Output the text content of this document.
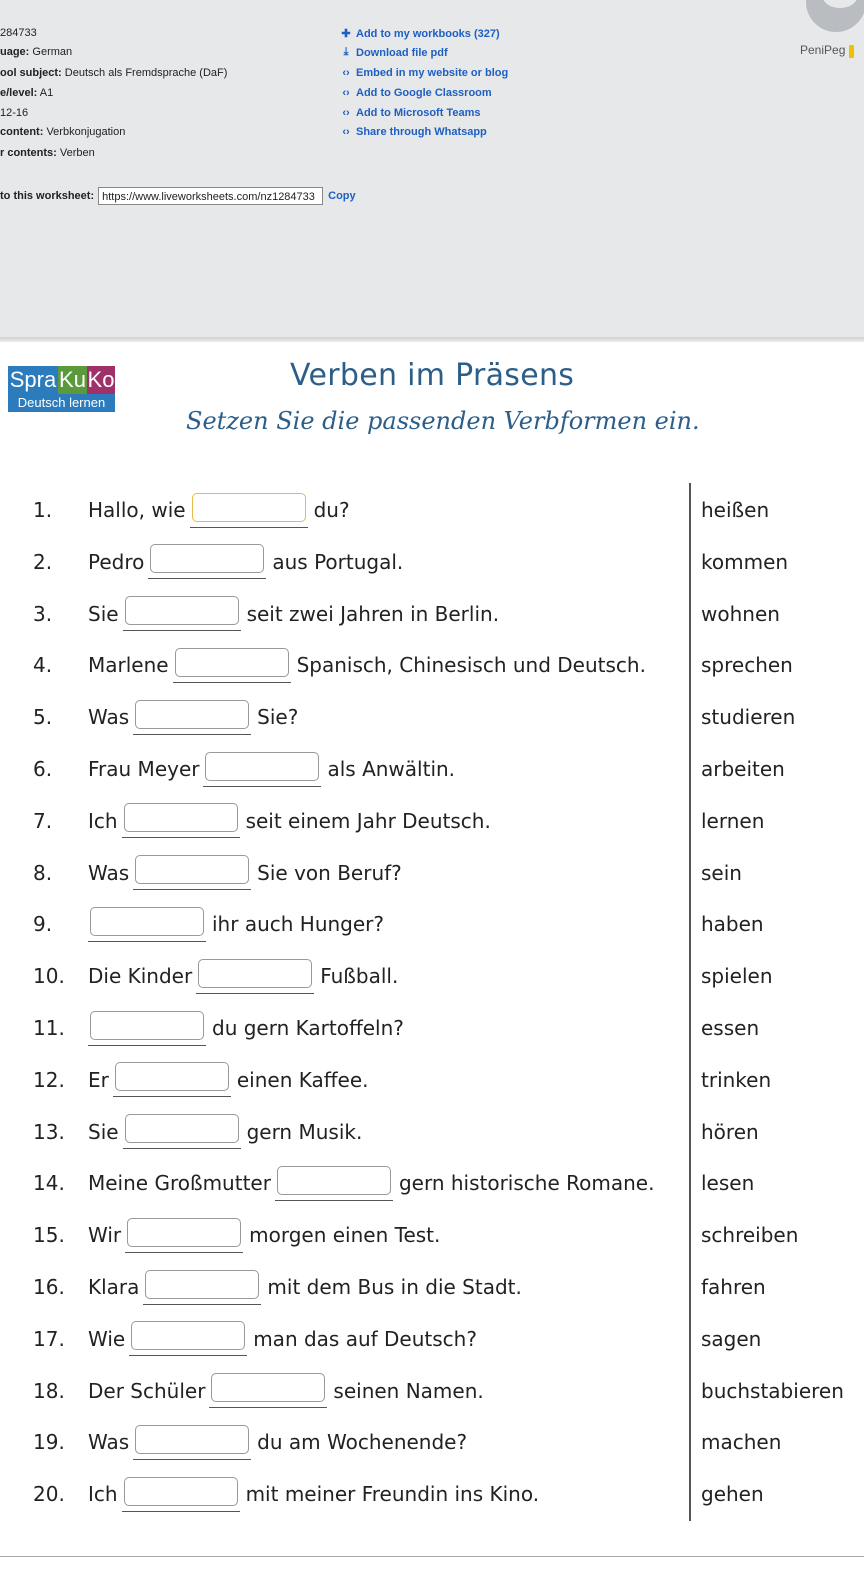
284733
uage: German
ool subject: Deutsch als Fremdsprache (DaF)
e/level: A1
12-16
content: Verbkonjugation
r contents: Verben
✚ Add to my workbooks (327)
⤓ Download file pdf
‹› Embed in my website or blog
‹› Add to Google Classroom
‹› Add to Microsoft Teams
‹› Share through Whatsapp
to this worksheet: https://www.liveworksheets.com/nz1284733	Copy
PeniPeg
Spra Ku Ko
Deutsch lernen
Verben im Präsens
Setzen Sie die passenden Verbformen ein.
1. Hallo, wie	du?	heißen
2. Pedro	aus Portugal.	kommen
3. Sie	seit zwei Jahren in Berlin.	wohnen
4. Marlene	Spanisch, Chinesisch und Deutsch.	sprechen
5. Was	Sie?	studieren
6. Frau Meyer	als Anwältin.	arbeiten
7. Ich	seit einem Jahr Deutsch.	lernen
8. Was	Sie von Beruf?	sein
9.	ihr auch Hunger?	haben
10. Die Kinder	Fußball.	spielen
11.	du gern Kartoffeln?	essen
12. Er	einen Kaffee.	trinken
13. Sie	gern Musik.	hören
14. Meine Großmutter	gern historische Romane. lesen
15. Wir	morgen einen Test.	schreiben
16. Klara	mit dem Bus in die Stadt.	fahren
17. Wie	man das auf Deutsch?	sagen
18. Der Schüler	seinen Namen.	buchstabieren
19. Was	du am Wochenende?	machen
20. Ich	mit meiner Freundin ins Kino.	gehen
